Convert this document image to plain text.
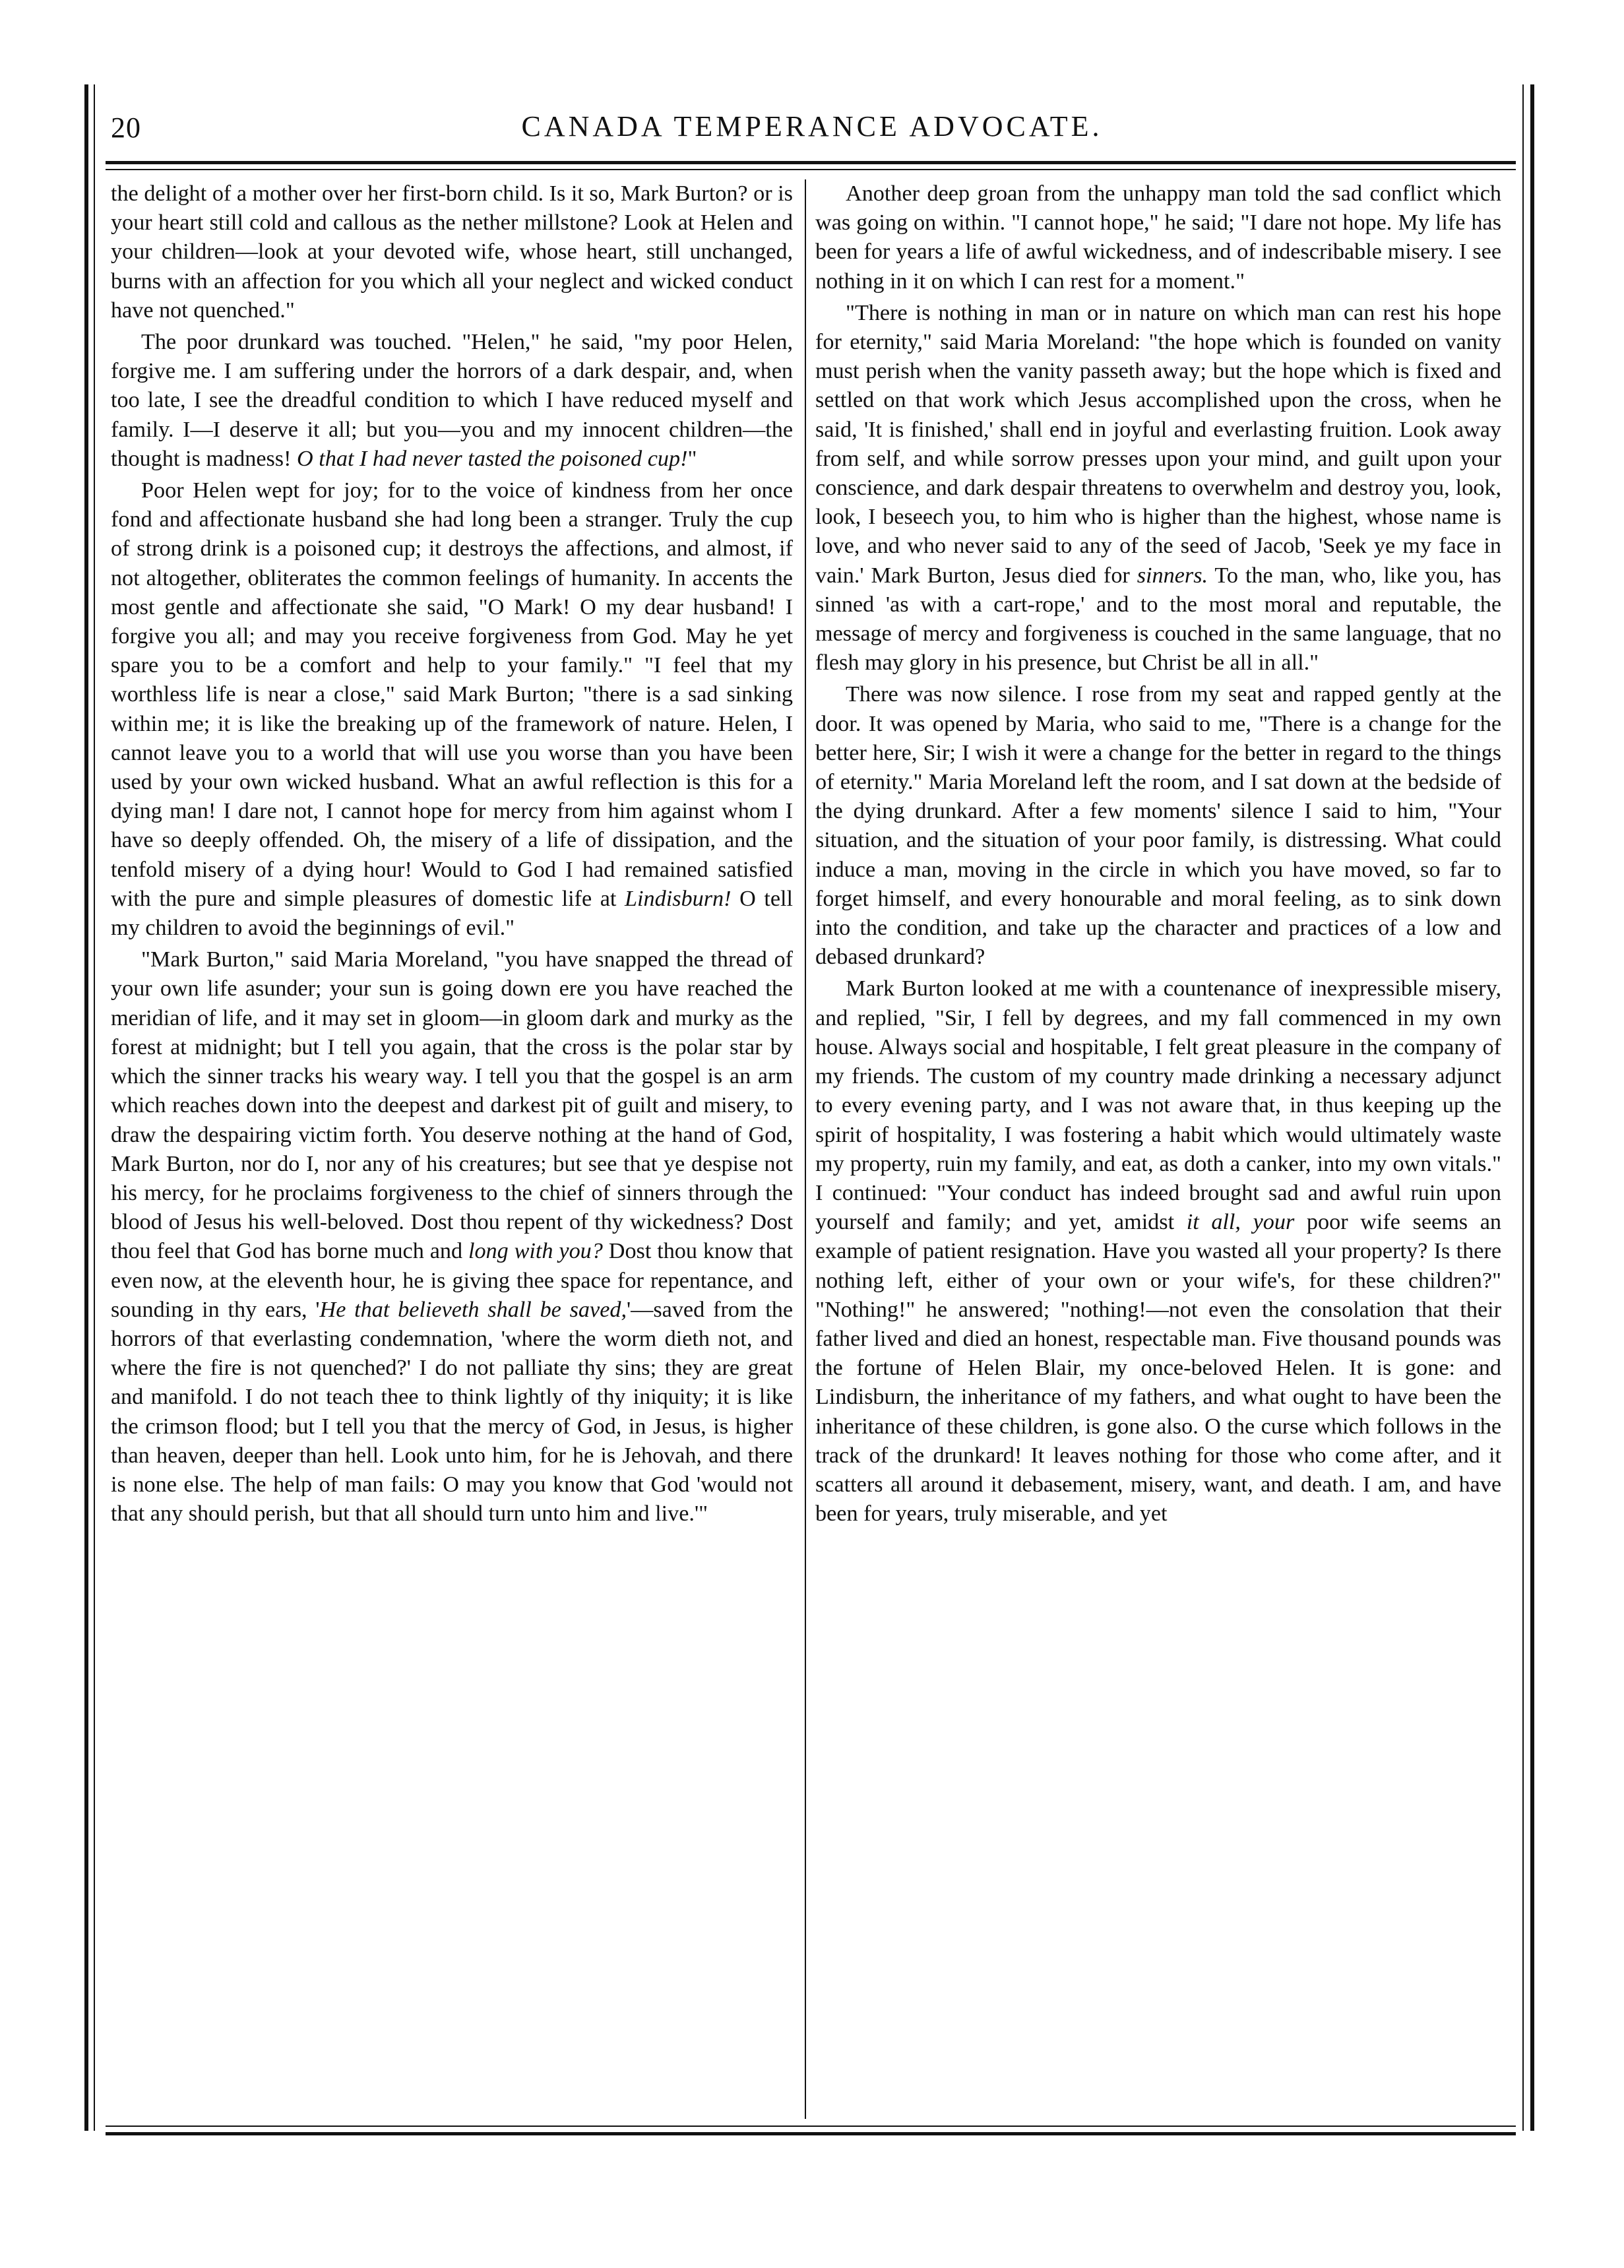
20	CANADA TEMPERANCE ADVOCATE.

the delight of a mother over her first-born child. Is it so, Mark Burton? or is your heart still cold and callous as the nether millstone? Look at Helen and your children—look at your devoted wife, whose heart, still unchanged, burns with an affection for you which all your neglect and wicked conduct have not quenched."

The poor drunkard was touched. "Helen," he said, "my poor Helen, forgive me. I am suffering under the horrors of a dark despair, and, when too late, I see the dreadful condition to which I have reduced myself and family. I—I deserve it all; but you—you and my innocent children—the thought is madness! O that I had never tasted the poisoned cup!"

Poor Helen wept for joy; for to the voice of kindness from her once fond and affectionate husband she had long been a stranger. Truly the cup of strong drink is a poisoned cup; it destroys the affections, and almost, if not altogether, obliterates the common feelings of humanity. In accents the most gentle and affectionate she said, "O Mark! O my dear husband! I forgive you all; and may you receive forgiveness from God. May he yet spare you to be a comfort and help to your family." "I feel that my worthless life is near a close," said Mark Burton; "there is a sad sinking within me; it is like the breaking up of the framework of nature. Helen, I cannot leave you to a world that will use you worse than you have been used by your own wicked husband. What an awful reflection is this for a dying man! I dare not, I cannot hope for mercy from him against whom I have so deeply offended. Oh, the misery of a life of dissipation, and the tenfold misery of a dying hour! Would to God I had remained satisfied with the pure and simple pleasures of domestic life at Lindisburn! O tell my children to avoid the beginnings of evil."

"Mark Burton," said Maria Moreland, "you have snapped the thread of your own life asunder; your sun is going down ere you have reached the meridian of life, and it may set in gloom—in gloom dark and murky as the forest at midnight; but I tell you again, that the cross is the polar star by which the sinner tracks his weary way. I tell you that the gospel is an arm which reaches down into the deepest and darkest pit of guilt and misery, to draw the despairing victim forth. You deserve nothing at the hand of God, Mark Burton, nor do I, nor any of his creatures; but see that ye despise not his mercy, for he proclaims forgiveness to the chief of sinners through the blood of Jesus his well-beloved. Dost thou repent of thy wickedness? Dost thou feel that God has borne much and long with you? Dost thou know that even now, at the eleventh hour, he is giving thee space for repentance, and sounding in thy ears, 'He that believeth shall be saved,'—saved from the horrors of that everlasting condemnation, 'where the worm dieth not, and where the fire is not quenched?' I do not palliate thy sins; they are great and manifold. I do not teach thee to think lightly of thy iniquity; it is like the crimson flood; but I tell you that the mercy of God, in Jesus, is higher than heaven, deeper than hell. Look unto him, for he is Jehovah, and there is none else. The help of man fails: O may you know that God 'would not that any should perish, but that all should turn unto him and live.'"

Another deep groan from the unhappy man told the sad conflict which was going on within. "I cannot hope," he said; "I dare not hope. My life has been for years a life of awful wickedness, and of indescribable misery. I see nothing in it on which I can rest for a moment."

"There is nothing in man or in nature on which man can rest his hope for eternity," said Maria Moreland: "the hope which is founded on vanity must perish when the vanity passeth away; but the hope which is fixed and settled on that work which Jesus accomplished upon the cross, when he said, 'It is finished,' shall end in joyful and everlasting fruition. Look away from self, and while sorrow presses upon your mind, and guilt upon your conscience, and dark despair threatens to overwhelm and destroy you, look, look, I beseech you, to him who is higher than the highest, whose name is love, and who never said to any of the seed of Jacob, 'Seek ye my face in vain.' Mark Burton, Jesus died for sinners. To the man, who, like you, has sinned 'as with a cart-rope,' and to the most moral and reputable, the message of mercy and forgiveness is couched in the same language, that no flesh may glory in his presence, but Christ be all in all."

There was now silence. I rose from my seat and rapped gently at the door. It was opened by Maria, who said to me, "There is a change for the better here, Sir; I wish it were a change for the better in regard to the things of eternity." Maria Moreland left the room, and I sat down at the bedside of the dying drunkard. After a few moments' silence I said to him, "Your situation, and the situation of your poor family, is distressing. What could induce a man, moving in the circle in which you have moved, so far to forget himself, and every honourable and moral feeling, as to sink down into the condition, and take up the character and practices of a low and debased drunkard?

Mark Burton looked at me with a countenance of inexpressible misery, and replied, "Sir, I fell by degrees, and my fall commenced in my own house. Always social and hospitable, I felt great pleasure in the company of my friends. The custom of my country made drinking a necessary adjunct to every evening party, and I was not aware that, in thus keeping up the spirit of hospitality, I was fostering a habit which would ultimately waste my property, ruin my family, and eat, as doth a canker, into my own vitals." I continued: "Your conduct has indeed brought sad and awful ruin upon yourself and family; and yet, amidst it all, your poor wife seems an example of patient resignation. Have you wasted all your property? Is there nothing left, either of your own or your wife's, for these children?" "Nothing!" he answered; "nothing!—not even the consolation that their father lived and died an honest, respectable man. Five thousand pounds was the fortune of Helen Blair, my once-beloved Helen. It is gone: and Lindisburn, the inheritance of my fathers, and what ought to have been the inheritance of these children, is gone also. O the curse which follows in the track of the drunkard! It leaves nothing for those who come after, and it scatters all around it debasement, misery, want, and death. I am, and have been for years, truly miserable, and yet
